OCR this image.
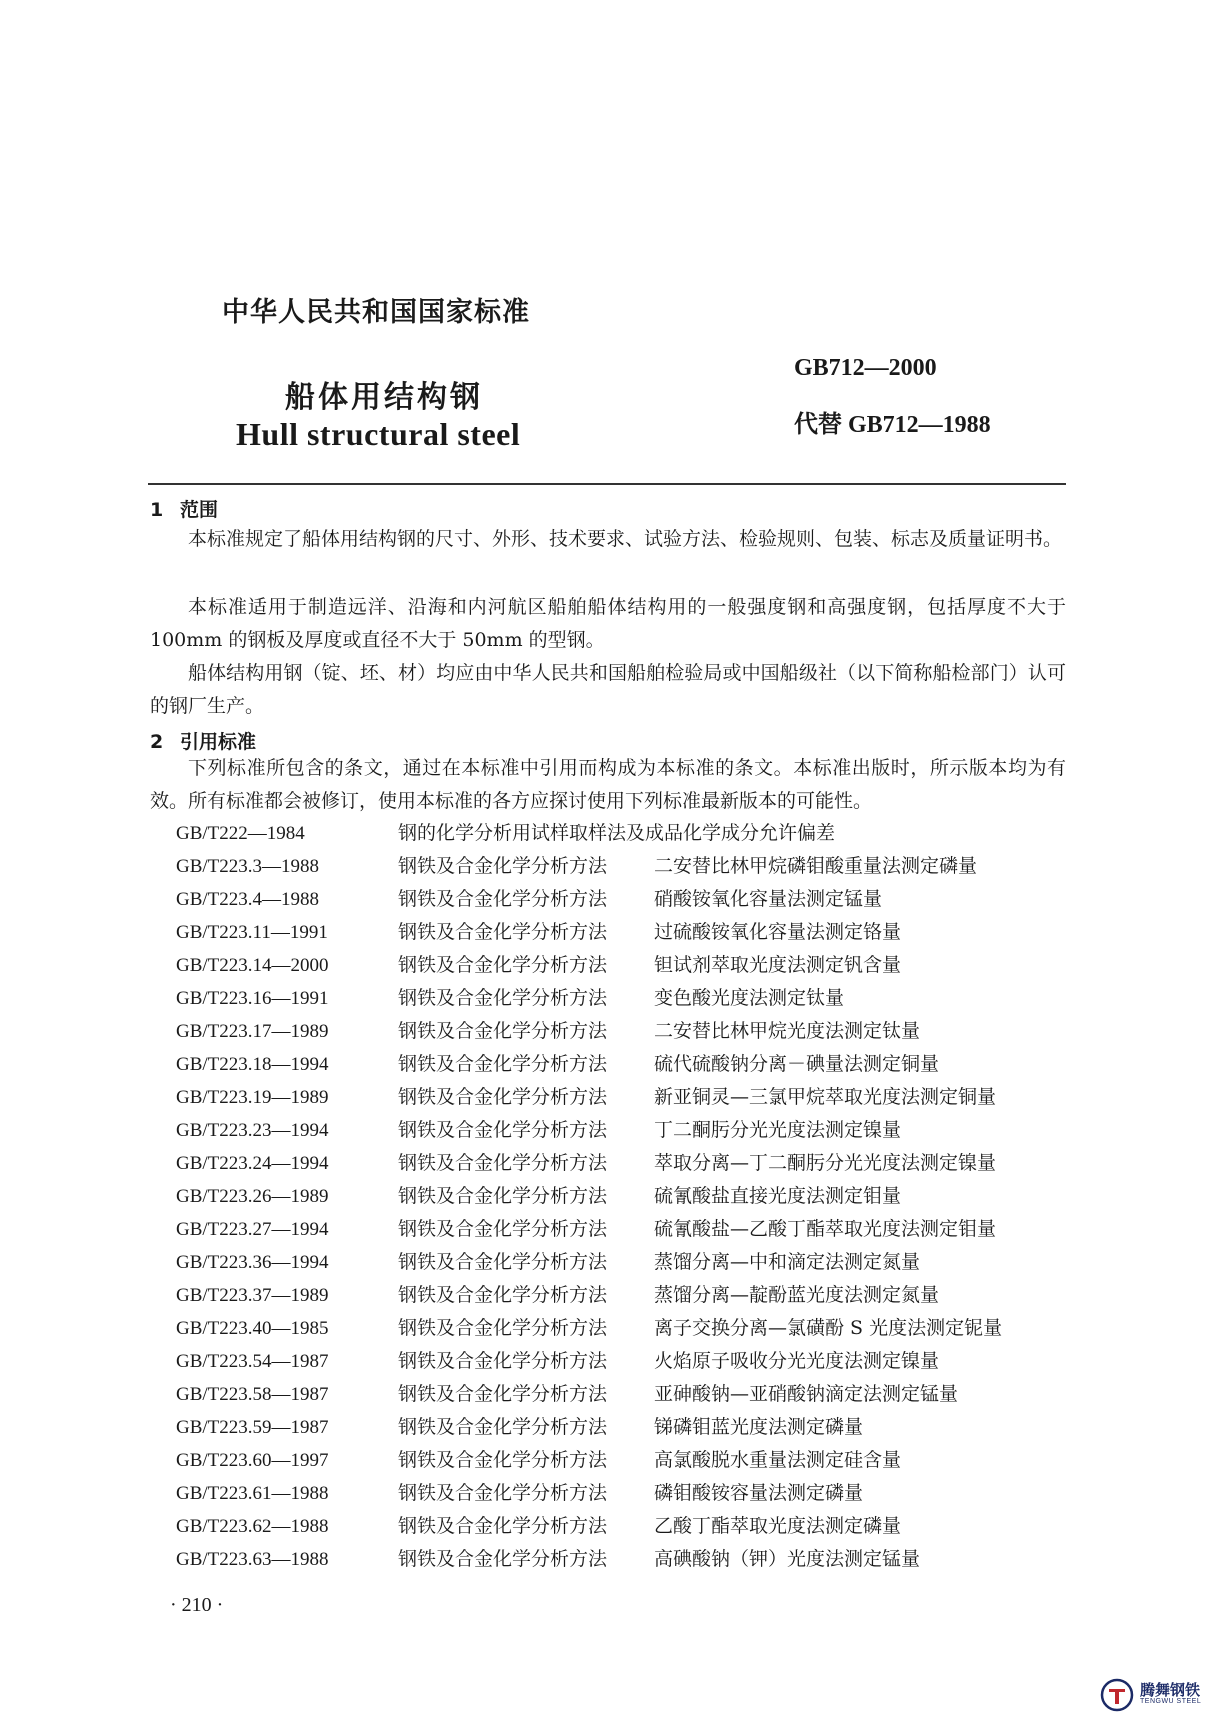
中华人民共和国国家标准
船体用结构钢
Hull structural steel
GB712—2000
代替 GB712—1988
1 范围

本标准规定了船体用结构钢的尺寸、外形、技术要求、试验方法、检验规则、包装、标志及质量证明书。

本标准适用于制造远洋、沿海和内河航区船舶船体结构用的一般强度钢和高强度钢，包括厚度不大于 100mm 的钢板及厚度或直径不大于 50mm 的型钢。

船体结构用钢（锭、坯、材）均应由中华人民共和国船舶检验局或中国船级社（以下简称船检部门）认可的钢厂生产。

2 引用标准

下列标准所包含的条文，通过在本标准中引用而构成为本标准的条文。本标准出版时，所示版本均为有效。所有标准都会被修订，使用本标准的各方应探讨使用下列标准最新版本的可能性。

GB/T222—1984	钢的化学分析用试样取样法及成品化学成分允许偏差
GB/T223.3—1988	钢铁及合金化学分析方法 二安替比林甲烷磷钼酸重量法测定磷量
GB/T223.4—1988	钢铁及合金化学分析方法 硝酸铵氧化容量法测定锰量
GB/T223.11—1991	钢铁及合金化学分析方法 过硫酸铵氧化容量法测定铬量
GB/T223.14—2000	钢铁及合金化学分析方法 钽试剂萃取光度法测定钒含量
GB/T223.16—1991	钢铁及合金化学分析方法 变色酸光度法测定钛量
GB/T223.17—1989	钢铁及合金化学分析方法 二安替比林甲烷光度法测定钛量
GB/T223.18—1994	钢铁及合金化学分析方法 硫代硫酸钠分离－碘量法测定铜量
GB/T223.19—1989	钢铁及合金化学分析方法 新亚铜灵—三氯甲烷萃取光度法测定铜量
GB/T223.23—1994	钢铁及合金化学分析方法 丁二酮肟分光光度法测定镍量
GB/T223.24—1994	钢铁及合金化学分析方法 萃取分离—丁二酮肟分光光度法测定镍量
GB/T223.26—1989	钢铁及合金化学分析方法 硫氰酸盐直接光度法测定钼量
GB/T223.27—1994	钢铁及合金化学分析方法 硫氰酸盐—乙酸丁酯萃取光度法测定钼量
GB/T223.36—1994	钢铁及合金化学分析方法 蒸馏分离—中和滴定法测定氮量
GB/T223.37—1989	钢铁及合金化学分析方法 蒸馏分离—靛酚蓝光度法测定氮量
GB/T223.40—1985	钢铁及合金化学分析方法 离子交换分离—氯磺酚 S 光度法测定铌量
GB/T223.54—1987	钢铁及合金化学分析方法 火焰原子吸收分光光度法测定镍量
GB/T223.58—1987	钢铁及合金化学分析方法 亚砷酸钠—亚硝酸钠滴定法测定锰量
GB/T223.59—1987	钢铁及合金化学分析方法 锑磷钼蓝光度法测定磷量
GB/T223.60—1997	钢铁及合金化学分析方法 高氯酸脱水重量法测定硅含量
GB/T223.61—1988	钢铁及合金化学分析方法 磷钼酸铵容量法测定磷量
GB/T223.62—1988	钢铁及合金化学分析方法 乙酸丁酯萃取光度法测定磷量
GB/T223.63—1988	钢铁及合金化学分析方法 高碘酸钠（钾）光度法测定锰量
· 210 ·
腾舞钢铁
TENGWU STEEL
